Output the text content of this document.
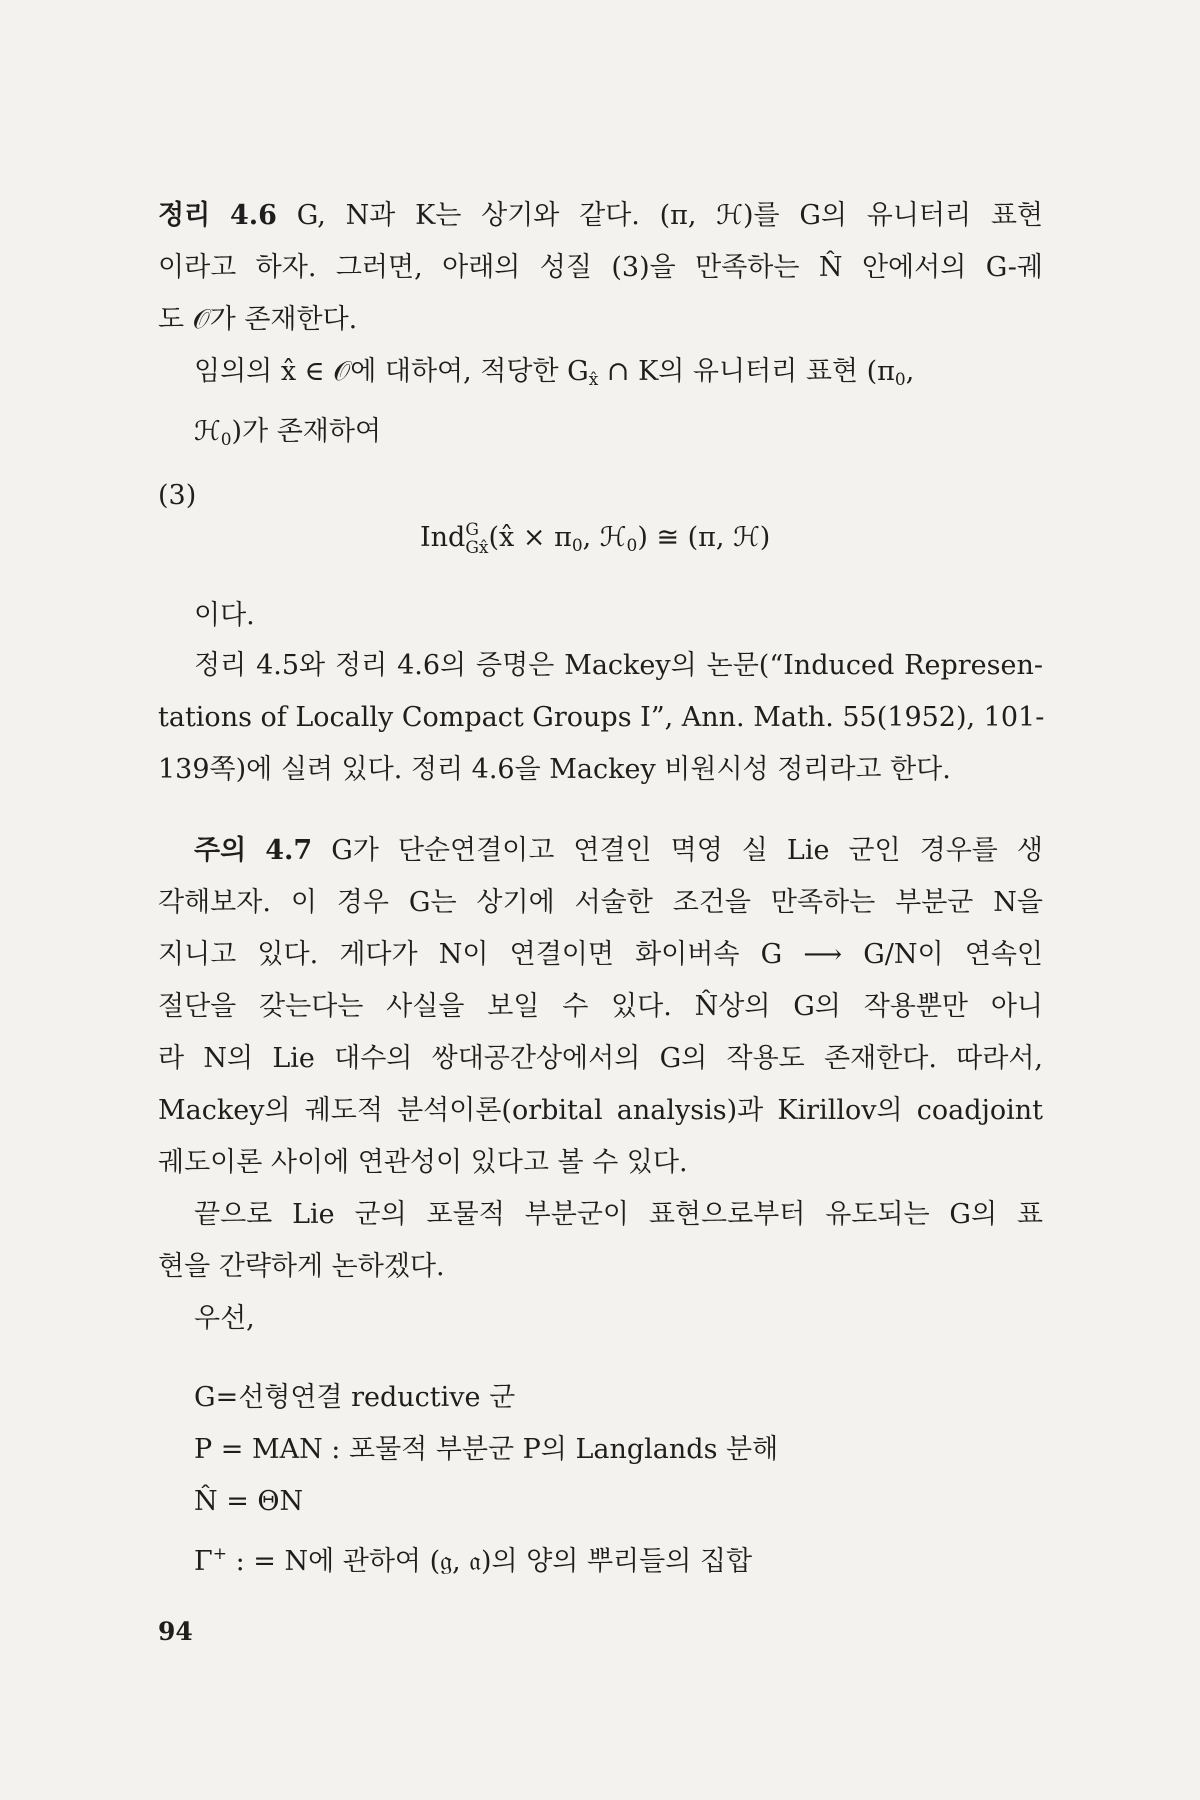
정리 4.6 G, N과 K는 상기와 같다. (π, ℋ)를 G의 유니터리 표현
이라고 하자. 그러면, 아래의 성질 (3)을 만족하는 N̂ 안에서의 G-궤
도 𝒪가 존재한다.
임의의 x̂ ∈ 𝒪에 대하여, 적당한 $G_{x̂}$ ∩ K의 유니터리 표현 ($\pi_0$,
ℋ$_0$)가 존재하여
(3)
Ind G
Gx̂ (x̂ × $\pi_0$, ℋ$_0$) ≅ (π, ℋ)
이다.
정리 4.5와 정리 4.6의 증명은 Mackey의 논문(“Induced Represen-
tations of Locally Compact Groups I”, Ann. Math. 55(1952), 101-
139쪽)에 실려 있다. 정리 4.6을 Mackey 비원시성 정리라고 한다.
주의 4.7 G가 단순연결이고 연결인 멱영 실 Lie 군인 경우를 생
각해보자. 이 경우 G는 상기에 서술한 조건을 만족하는 부분군 N을
지니고 있다. 게다가 N이 연결이면 화이버속 G ⟶ G/N이 연속인
절단을 갖는다는 사실을 보일 수 있다. N̂상의 G의 작용뿐만 아니
라 N의 Lie 대수의 쌍대공간상에서의 G의 작용도 존재한다. 따라서,
Mackey의 궤도적 분석이론(orbital analysis)과 Kirillov의 coadjoint
궤도이론 사이에 연관성이 있다고 볼 수 있다.
끝으로 Lie 군의 포물적 부분군이 표현으로부터 유도되는 G의 표
현을 간략하게 논하겠다.
우선,
G=선형연결 reductive 군
P = MAN : 포물적 부분군 P의 Langlands 분해
N̂ = ΘN
Γ+ : = N에 관하여 (𝔤, 𝔞)의 양의 뿌리들의 집합
94
